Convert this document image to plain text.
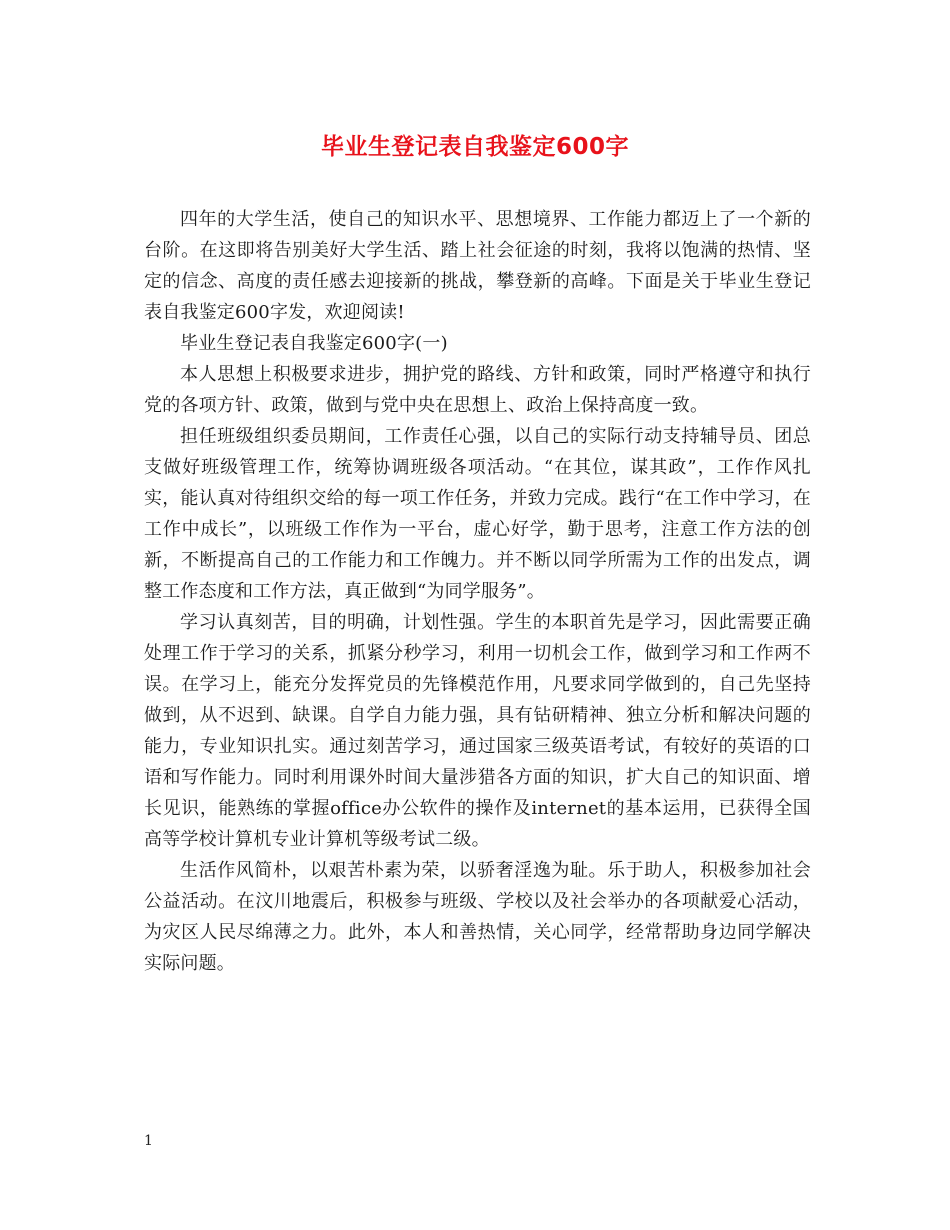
毕业生登记表自我鉴定600字

四年的大学生活，使自己的知识水平、思想境界、工作能力都迈上了一个新的台阶。在这即将告别美好大学生活、踏上社会征途的时刻，我将以饱满的热情、坚定的信念、高度的责任感去迎接新的挑战，攀登新的高峰。下面是关于毕业生登记表自我鉴定600字发，欢迎阅读!

毕业生登记表自我鉴定600字(一)

本人思想上积极要求进步，拥护党的路线、方针和政策，同时严格遵守和执行党的各项方针、政策，做到与党中央在思想上、政治上保持高度一致。

担任班级组织委员期间，工作责任心强，以自己的实际行动支持辅导员、团总支做好班级管理工作，统筹协调班级各项活动。“在其位，谋其政”，工作作风扎实，能认真对待组织交给的每一项工作任务，并致力完成。践行“在工作中学习，在工作中成长”，以班级工作作为一平台，虚心好学，勤于思考，注意工作方法的创新，不断提高自己的工作能力和工作魄力。并不断以同学所需为工作的出发点，调整工作态度和工作方法，真正做到“为同学服务”。

学习认真刻苦，目的明确，计划性强。学生的本职首先是学习，因此需要正确处理工作于学习的关系，抓紧分秒学习，利用一切机会工作，做到学习和工作两不误。在学习上，能充分发挥党员的先锋模范作用，凡要求同学做到的，自己先坚持做到，从不迟到、缺课。自学自力能力强，具有钻研精神、独立分析和解决问题的能力，专业知识扎实。通过刻苦学习，通过国家三级英语考试，有较好的英语的口语和写作能力。同时利用课外时间大量涉猎各方面的知识，扩大自己的知识面、增长见识，能熟练的掌握office办公软件的操作及internet的基本运用，已获得全国高等学校计算机专业计算机等级考试二级。

生活作风简朴，以艰苦朴素为荣，以骄奢淫逸为耻。乐于助人，积极参加社会公益活动。在汶川地震后，积极参与班级、学校以及社会举办的各项献爱心活动，为灾区人民尽绵薄之力。此外，本人和善热情，关心同学，经常帮助身边同学解决实际问题。

1
